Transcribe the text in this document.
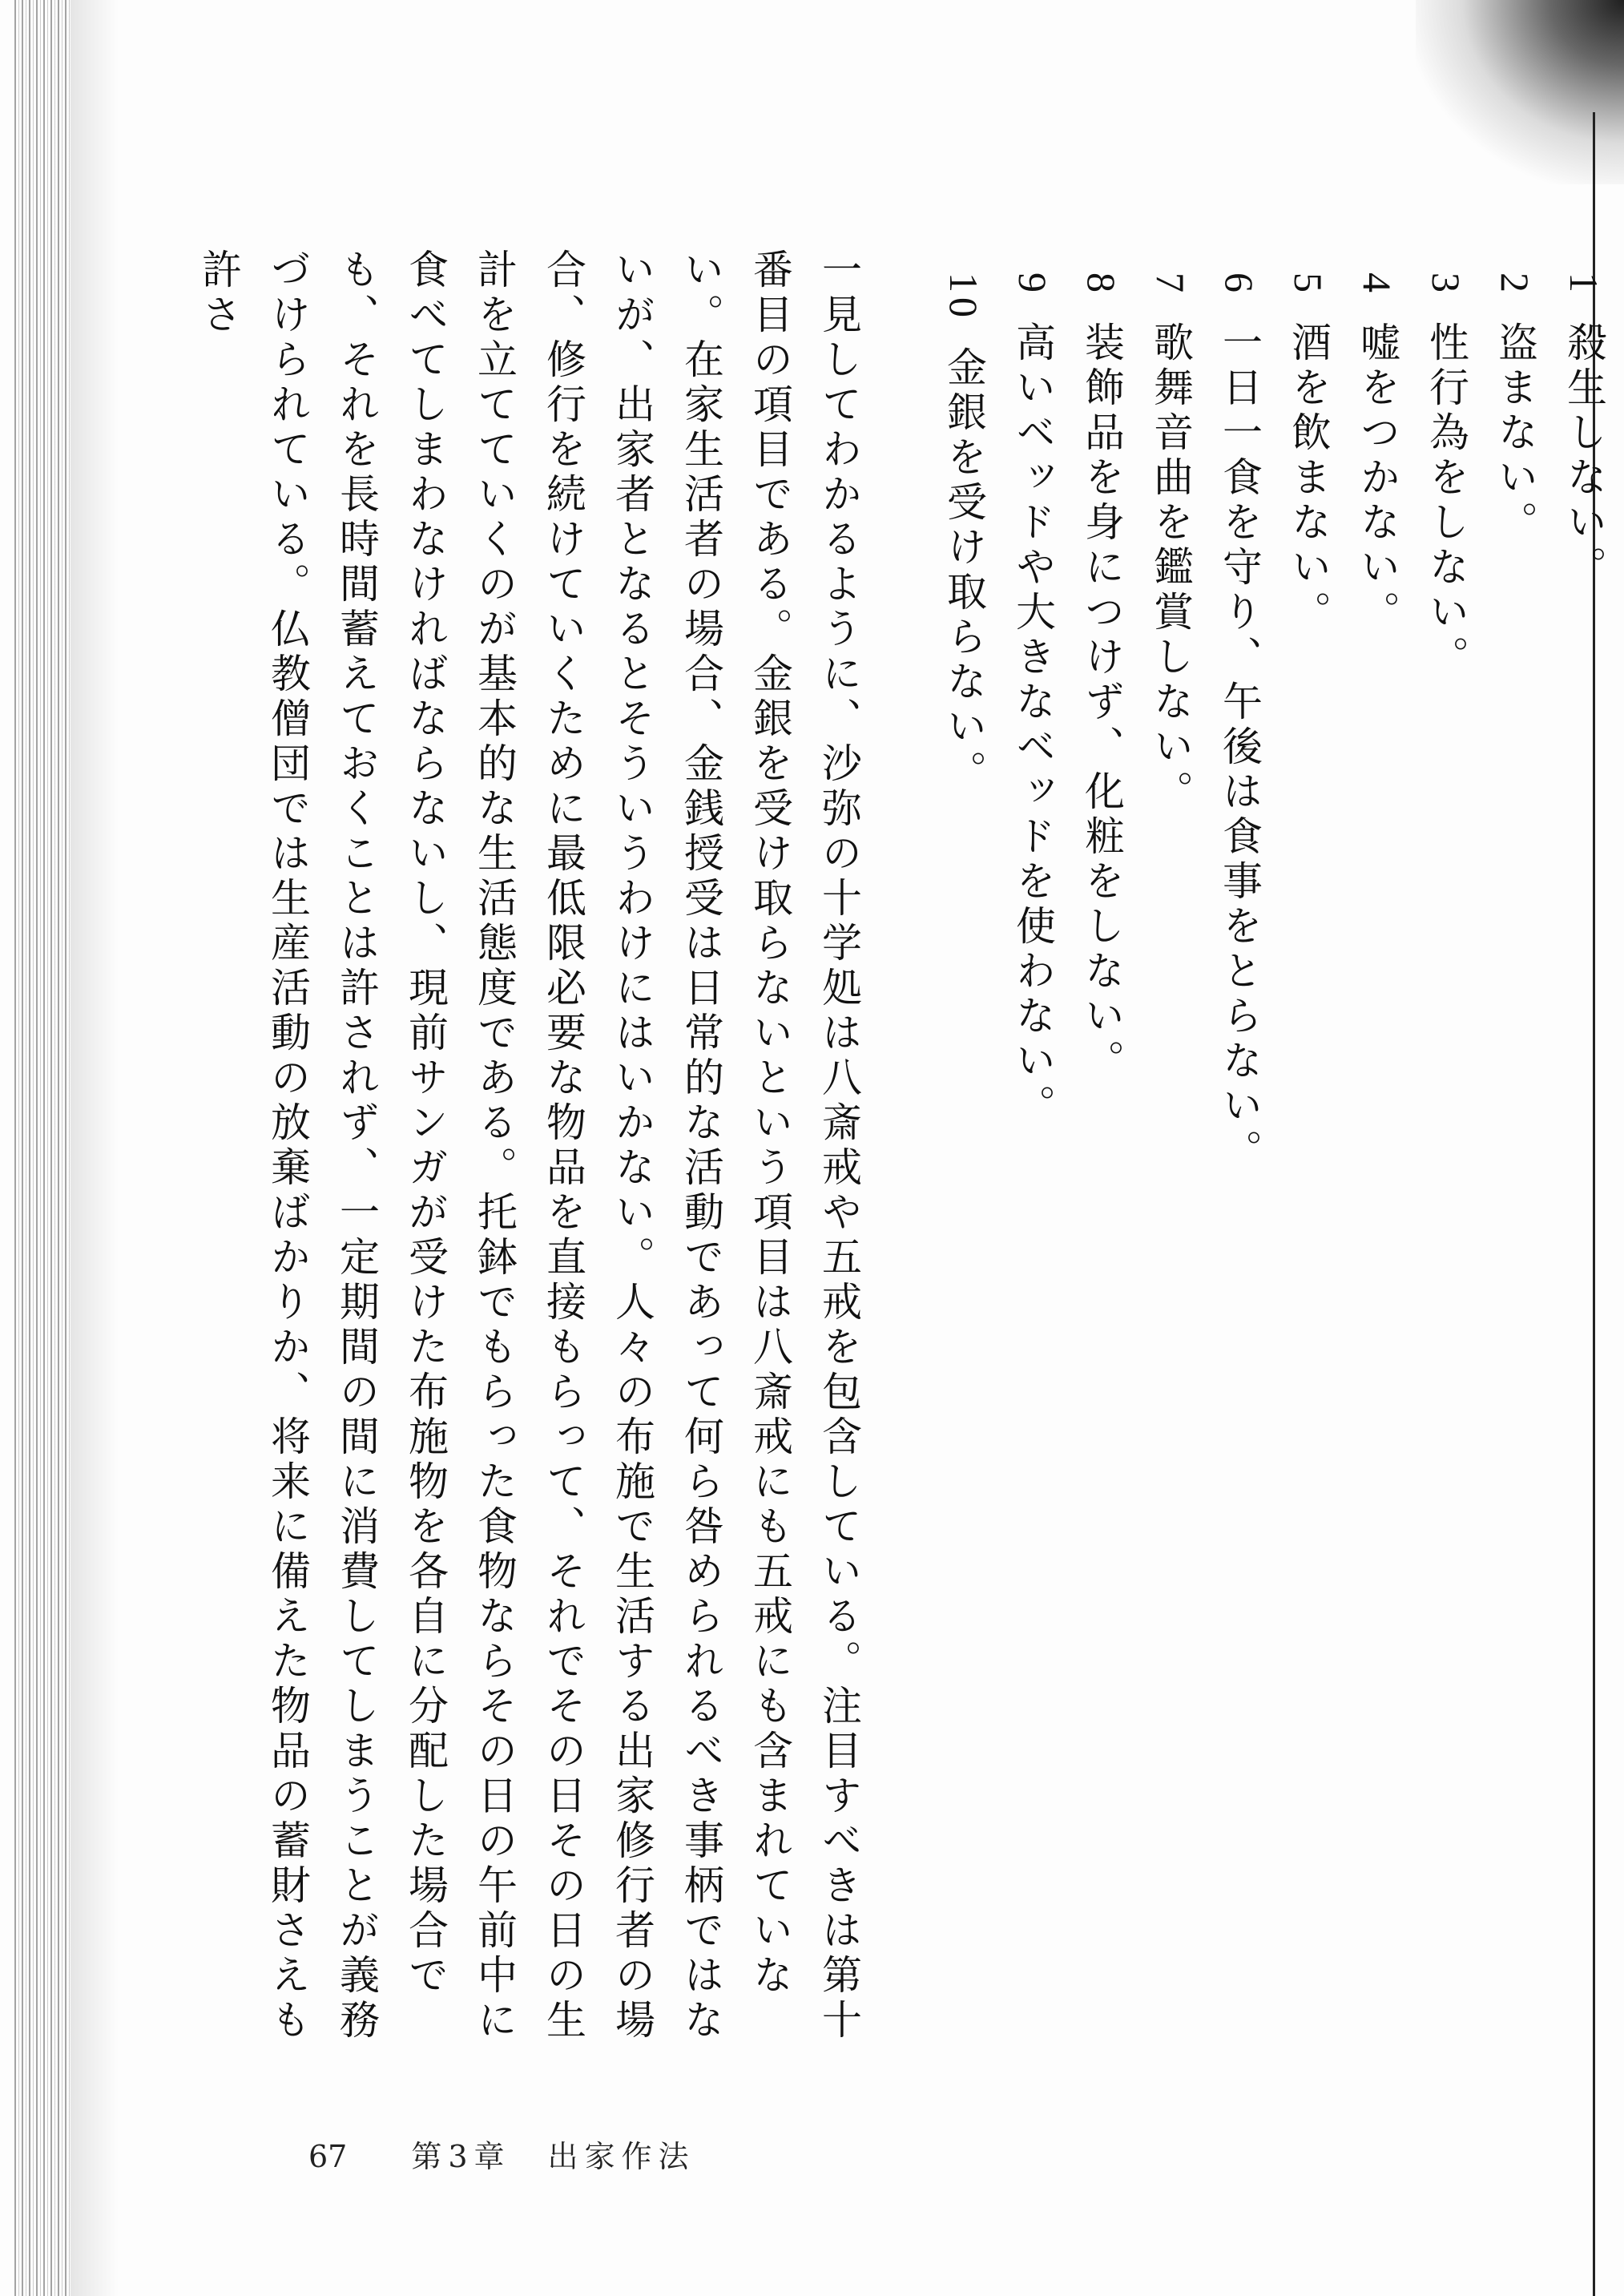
1殺生しない。
2盗まない。
3性行為をしない。
4嘘をつかない。
5酒を飲まない。
6一日一食を守り、午後は食事をとらない。
7歌舞音曲を鑑賞しない。
8装飾品を身につけず、化粧をしない。
9高いベッドや大きなベッドを使わない。
10金銀を受け取らない。
一見してわかるように、沙弥の十学処は八斎戒や五戒を包含している。注目すべきは第十番目の項目である。金銀を受け取らないという項目は八斎戒にも五戒にも含まれていない。在家生活者の場合、金銭授受は日常的な活動であって何ら咎められるべき事柄ではないが、出家者となるとそういうわけにはいかない。人々の布施で生活する出家修行者の場合、修行を続けていくために最低限必要な物品を直接もらって、それでその日その日の生計を立てていくのが基本的な生活態度である。托鉢でもらった食物ならその日の午前中に食べてしまわなければならないし、現前サンガが受けた布施物を各自に分配した場合でも、それを長時間蓄えておくことは許されず、一定期間の間に消費してしまうことが義務づけられている。仏教僧団では生産活動の放棄ばかりか、将来に備えた物品の蓄財さえも許さ
67 第3章　出家作法
